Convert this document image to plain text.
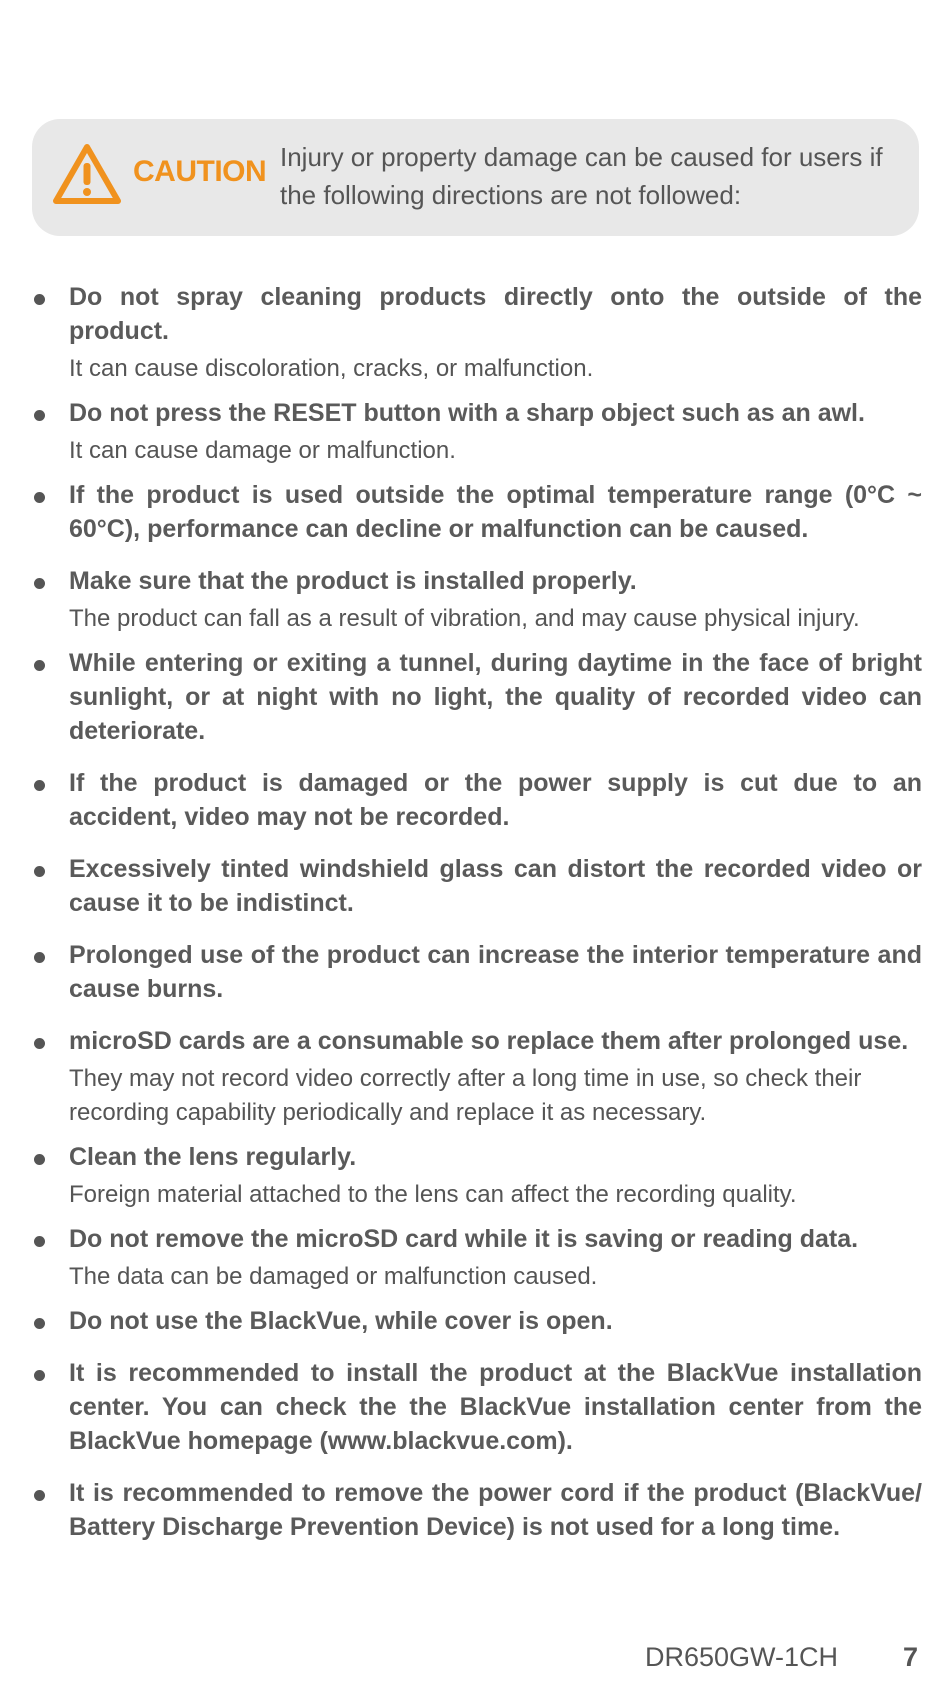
CAUTION Injury or property damage can be caused for users if the following directions are not followed:
Do not spray cleaning products directly onto the outside of the product.
It can cause discoloration, cracks, or malfunction.
Do not press the RESET button with a sharp object such as an awl.
It can cause damage or malfunction.
If the product is used outside the optimal temperature range (0°C ~ 60°C), performance can decline or malfunction can be caused.
Make sure that the product is installed properly.
The product can fall as a result of vibration, and may cause physical injury.
While entering or exiting a tunnel, during daytime in the face of bright sunlight, or at night with no light, the quality of recorded video can deteriorate.
If the product is damaged or the power supply is cut due to an accident, video may not be recorded.
Excessively tinted windshield glass can distort the recorded video or cause it to be indistinct.
Prolonged use of the product can increase the interior temperature and cause burns.
microSD cards are a consumable so replace them after prolonged use.
They may not record video correctly after a long time in use, so check their recording capability periodically and replace it as necessary.
Clean the lens regularly.
Foreign material attached to the lens can affect the recording quality.
Do not remove the microSD card while it is saving or reading data.
The data can be damaged or malfunction caused.
Do not use the BlackVue, while cover is open.
It is recommended to install the product at the BlackVue installation center. You can check the the BlackVue installation center from the BlackVue homepage (www.blackvue.com).
It is recommended to remove the power cord if the product (BlackVue/ Battery Discharge Prevention Device) is not used for a long time.
DR650GW-1CH 7
